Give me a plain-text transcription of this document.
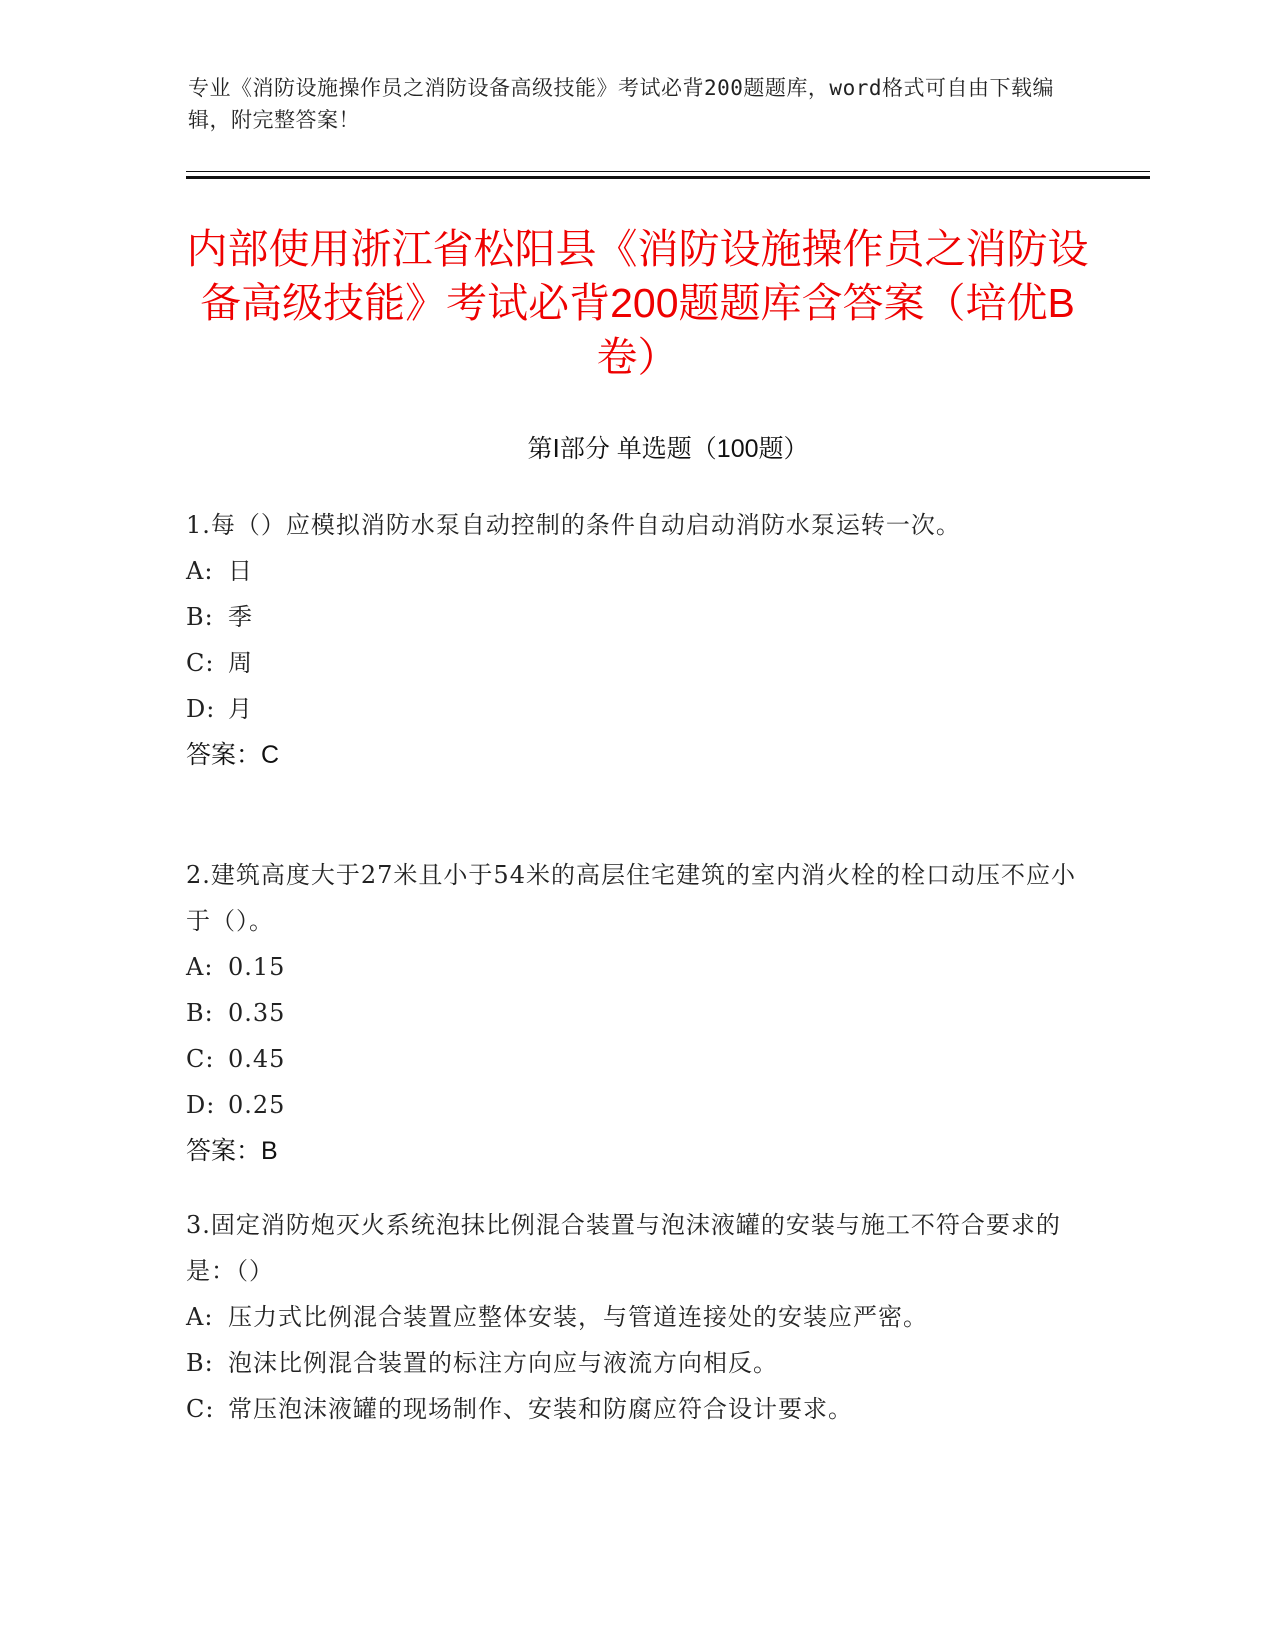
专业《消防设施操作员之消防设备高级技能》考试必背200题题库，word格式可自由下载编辑，附完整答案！
内部使用浙江省松阳县《消防设施操作员之消防设备高级技能》考试必背200题题库含答案（培优B卷）
第Ⅰ部分 单选题（100题）

1.每（）应模拟消防水泵自动控制的条件自动启动消防水泵运转一次。

A: 日

B: 季

C: 周

D: 月

答案：C

2.建筑高度大于27米且小于54米的高层住宅建筑的室内消火栓的栓口动压不应小于（）。

A: 0.15

B: 0.35

C: 0.45

D: 0.25

答案：B

3.固定消防炮灭火系统泡抹比例混合装置与泡沫液罐的安装与施工不符合要求的是：（）

A: 压力式比例混合装置应整体安装，与管道连接处的安装应严密。

B: 泡沫比例混合装置的标注方向应与液流方向相反。

C: 常压泡沫液罐的现场制作、安装和防腐应符合设计要求。
